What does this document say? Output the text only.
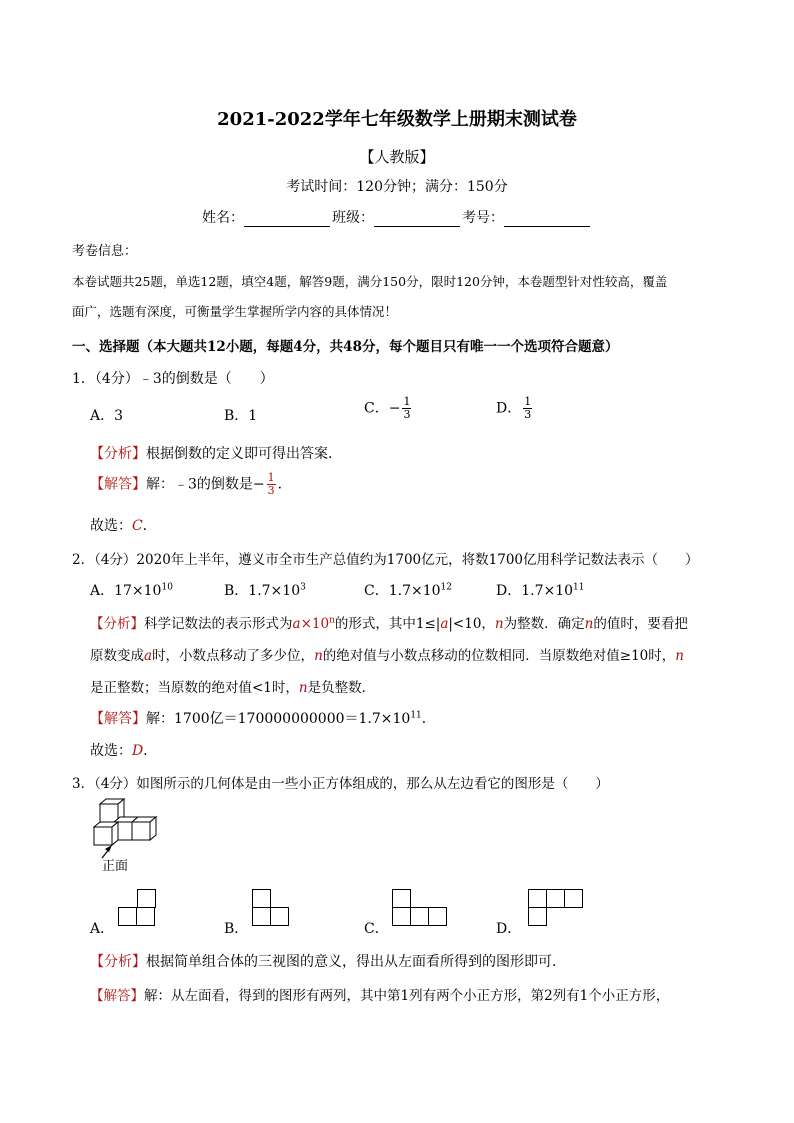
2021-2022学年七年级数学上册期末测试卷
【人教版】
考试时间：120分钟；满分：150分
姓名：	班级：	考号：
考卷信息：
本卷试题共25题，单选12题，填空4题，解答9题，满分150分，限时120分钟，本卷题型针对性较高，覆盖
面广，选题有深度，可衡量学生掌握所学内容的具体情况！
一、选择题（本大题共12小题，每题4分，共48分，每个题目只有唯一一个选项符合题意）
1．（4分）﹣3的倒数是（　　）
A．3	B．1	C．− $\frac{1}{3}$	D． $\frac{1}{3}$
【分析】根据倒数的定义即可得出答案．
【解答】解：﹣3的倒数是− $\frac{1}{3}$ ．
故选：C．
2．（4分）2020年上半年，遵义市全市生产总值约为1700亿元，将数1700亿用科学记数法表示（　　）
A．$17\times 10^{10}$	B．$1.7\times 10^3$	C．$1.7\times 10^{12}$	D．$1.7\times 10^{11}$
【分析】科学记数法的表示形式为$a\times 10^n$的形式，其中1≤|a|<10，n为整数．确定n的值时，要看把
原数变成a时，小数点移动了多少位，n的绝对值与小数点移动的位数相同．当原数绝对值≥10时，n
是正整数；当原数的绝对值<1时，n是负整数．
【解答】解：1700亿$=170000000000=1.7\times 10^{11}$．
故选：D．
3．（4分）如图所示的几何体是由一些小正方体组成的，那么从左边看它的图形是（　　）
正面
A．	B．	C．	D．
【分析】根据简单组合体的三视图的意义，得出从左面看所得到的图形即可．
【解答】解：从左面看，得到的图形有两列，其中第1列有两个小正方形，第2列有1个小正方形，
